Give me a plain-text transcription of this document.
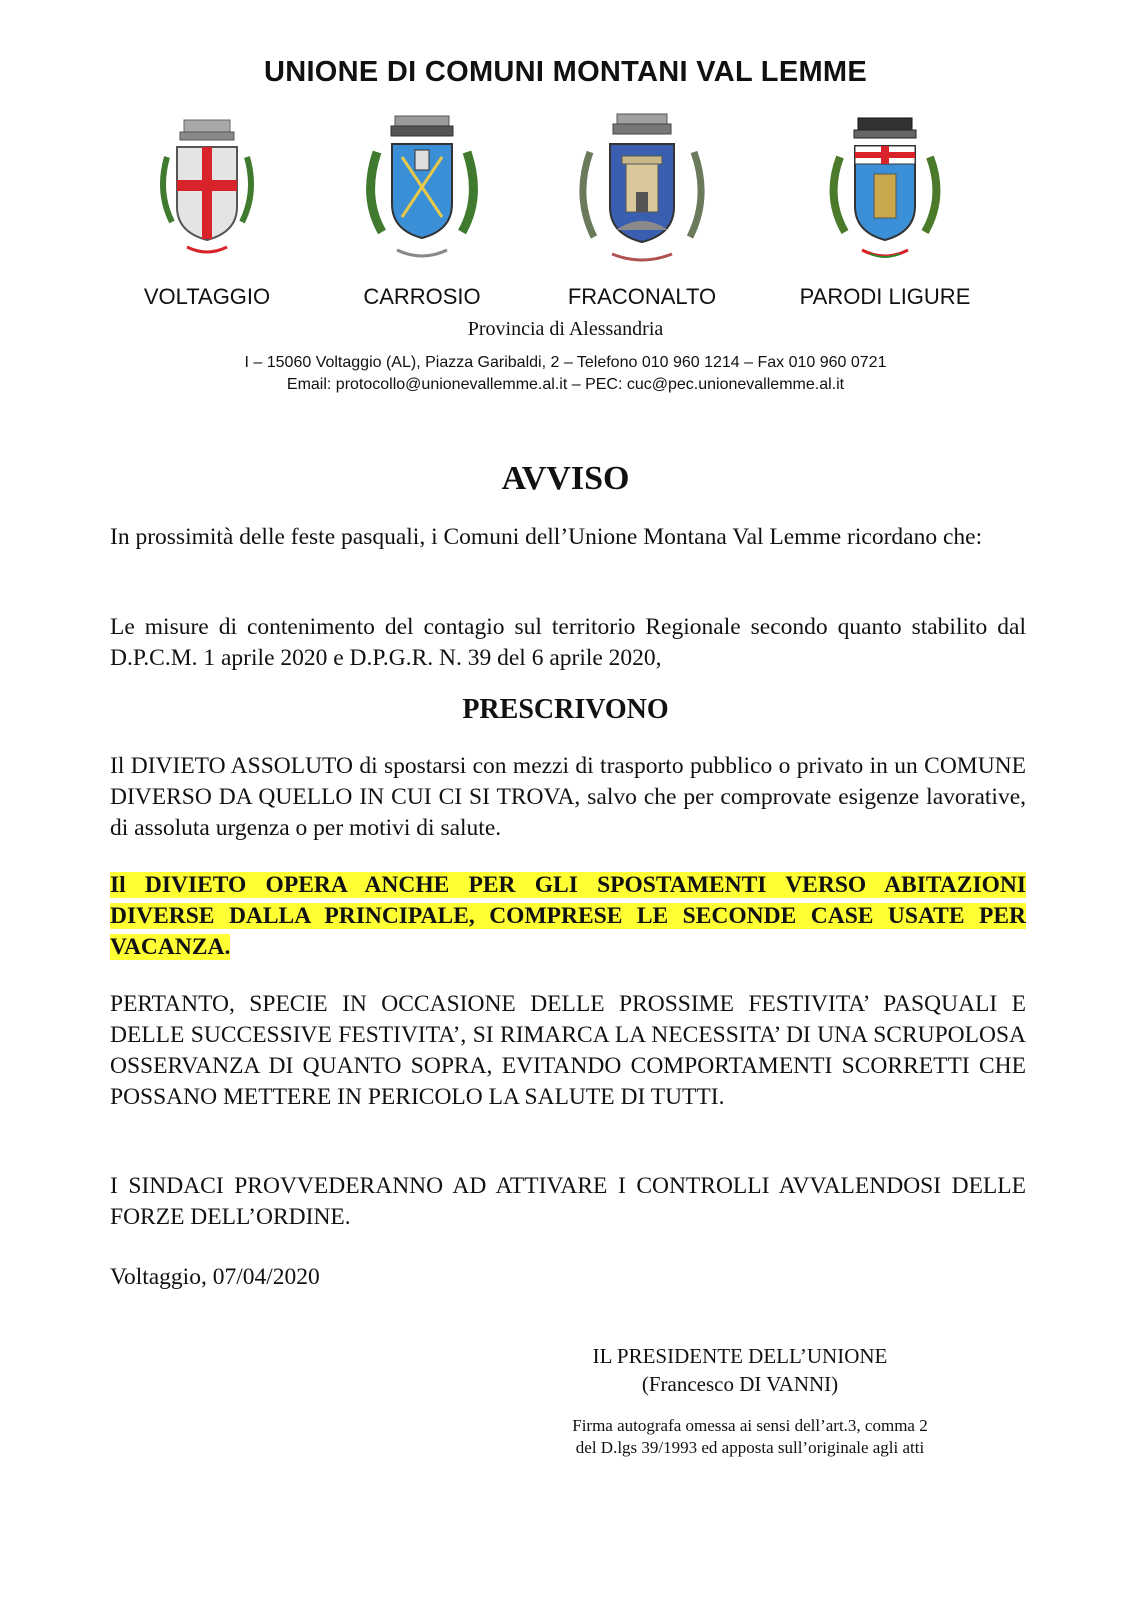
UNIONE DI COMUNI MONTANI VAL LEMME
VOLTAGGIO	CARROSIO	FRACONALTO	PARODI LIGURE
Provincia di Alessandria
I – 15060 Voltaggio (AL), Piazza Garibaldi, 2 – Telefono 010 960 1214 – Fax 010 960 0721
Email: protocollo@unionevallemme.al.it – PEC: cuc@pec.unionevallemme.al.it
AVVISO
In prossimità delle feste pasquali, i Comuni dell’Unione Montana Val Lemme ricordano che:
Le misure di contenimento del contagio sul territorio Regionale secondo quanto stabilito dal D.P.C.M. 1 aprile 2020 e D.P.G.R. N. 39 del 6 aprile 2020,
PRESCRIVONO
Il DIVIETO ASSOLUTO di spostarsi con mezzi di trasporto pubblico o privato in un COMUNE DIVERSO DA QUELLO IN CUI CI SI TROVA, salvo che per comprovate esigenze lavorative, di assoluta urgenza o per motivi di salute.
Il DIVIETO OPERA ANCHE PER GLI SPOSTAMENTI VERSO ABITAZIONI DIVERSE DALLA PRINCIPALE, COMPRESE LE SECONDE CASE USATE PER VACANZA.
PERTANTO, SPECIE IN OCCASIONE DELLE PROSSIME FESTIVITA’ PASQUALI E DELLE SUCCESSIVE FESTIVITA’, SI RIMARCA LA NECESSITA’ DI UNA SCRUPOLOSA OSSERVANZA DI QUANTO SOPRA, EVITANDO COMPORTAMENTI SCORRETTI CHE POSSANO METTERE IN PERICOLO LA SALUTE DI TUTTI.
I SINDACI PROVVEDERANNO AD ATTIVARE I CONTROLLI AVVALENDOSI DELLE FORZE DELL’ORDINE.
Voltaggio, 07/04/2020
IL PRESIDENTE DELL’UNIONE
(Francesco DI VANNI)
Firma autografa omessa ai sensi dell’art.3, comma 2
del D.lgs 39/1993 ed apposta sull’originale agli atti
